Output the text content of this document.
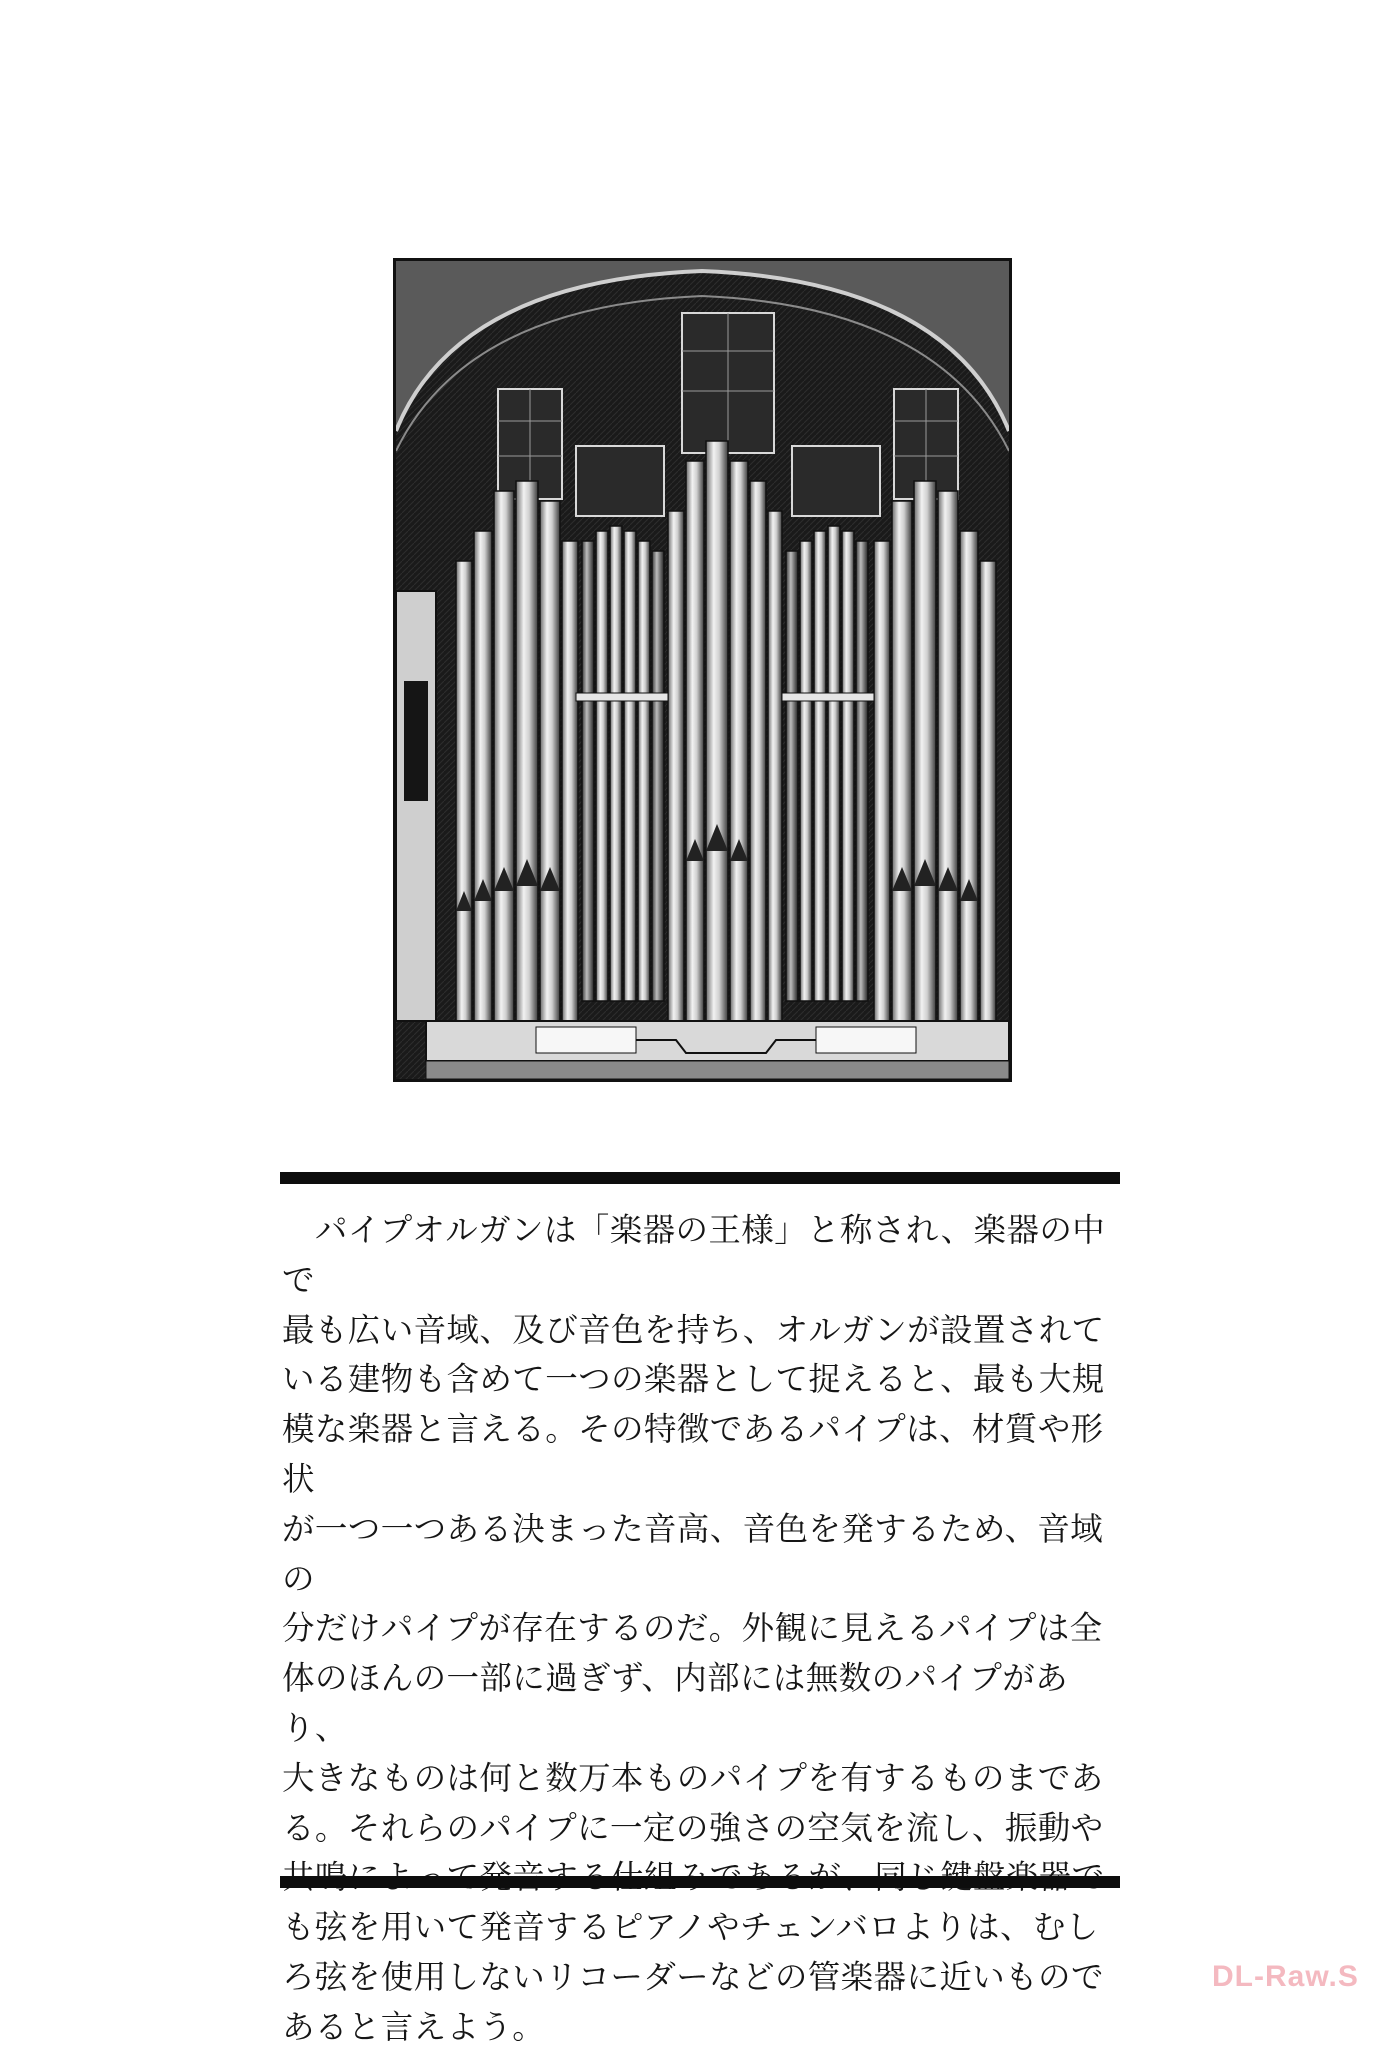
　パイプオルガンは「楽器の王様」と称され、楽器の中で
最も広い音域、及び音色を持ち、オルガンが設置されて
いる建物も含めて一つの楽器として捉えると、最も大規
模な楽器と言える。その特徴であるパイプは、材質や形状
が一つ一つある決まった音高、音色を発するため、音域の
分だけパイプが存在するのだ。外観に見えるパイプは全
体のほんの一部に過ぎず、内部には無数のパイプがあり、
大きなものは何と数万本ものパイプを有するものまであ
る。それらのパイプに一定の強さの空気を流し、振動や
も弦を用いて発音するピアノやチェンバロよりは、むし
ろ弦を使用しないリコーダーなどの管楽器に近いもので
あると言えよう。
DL-Raw.S
